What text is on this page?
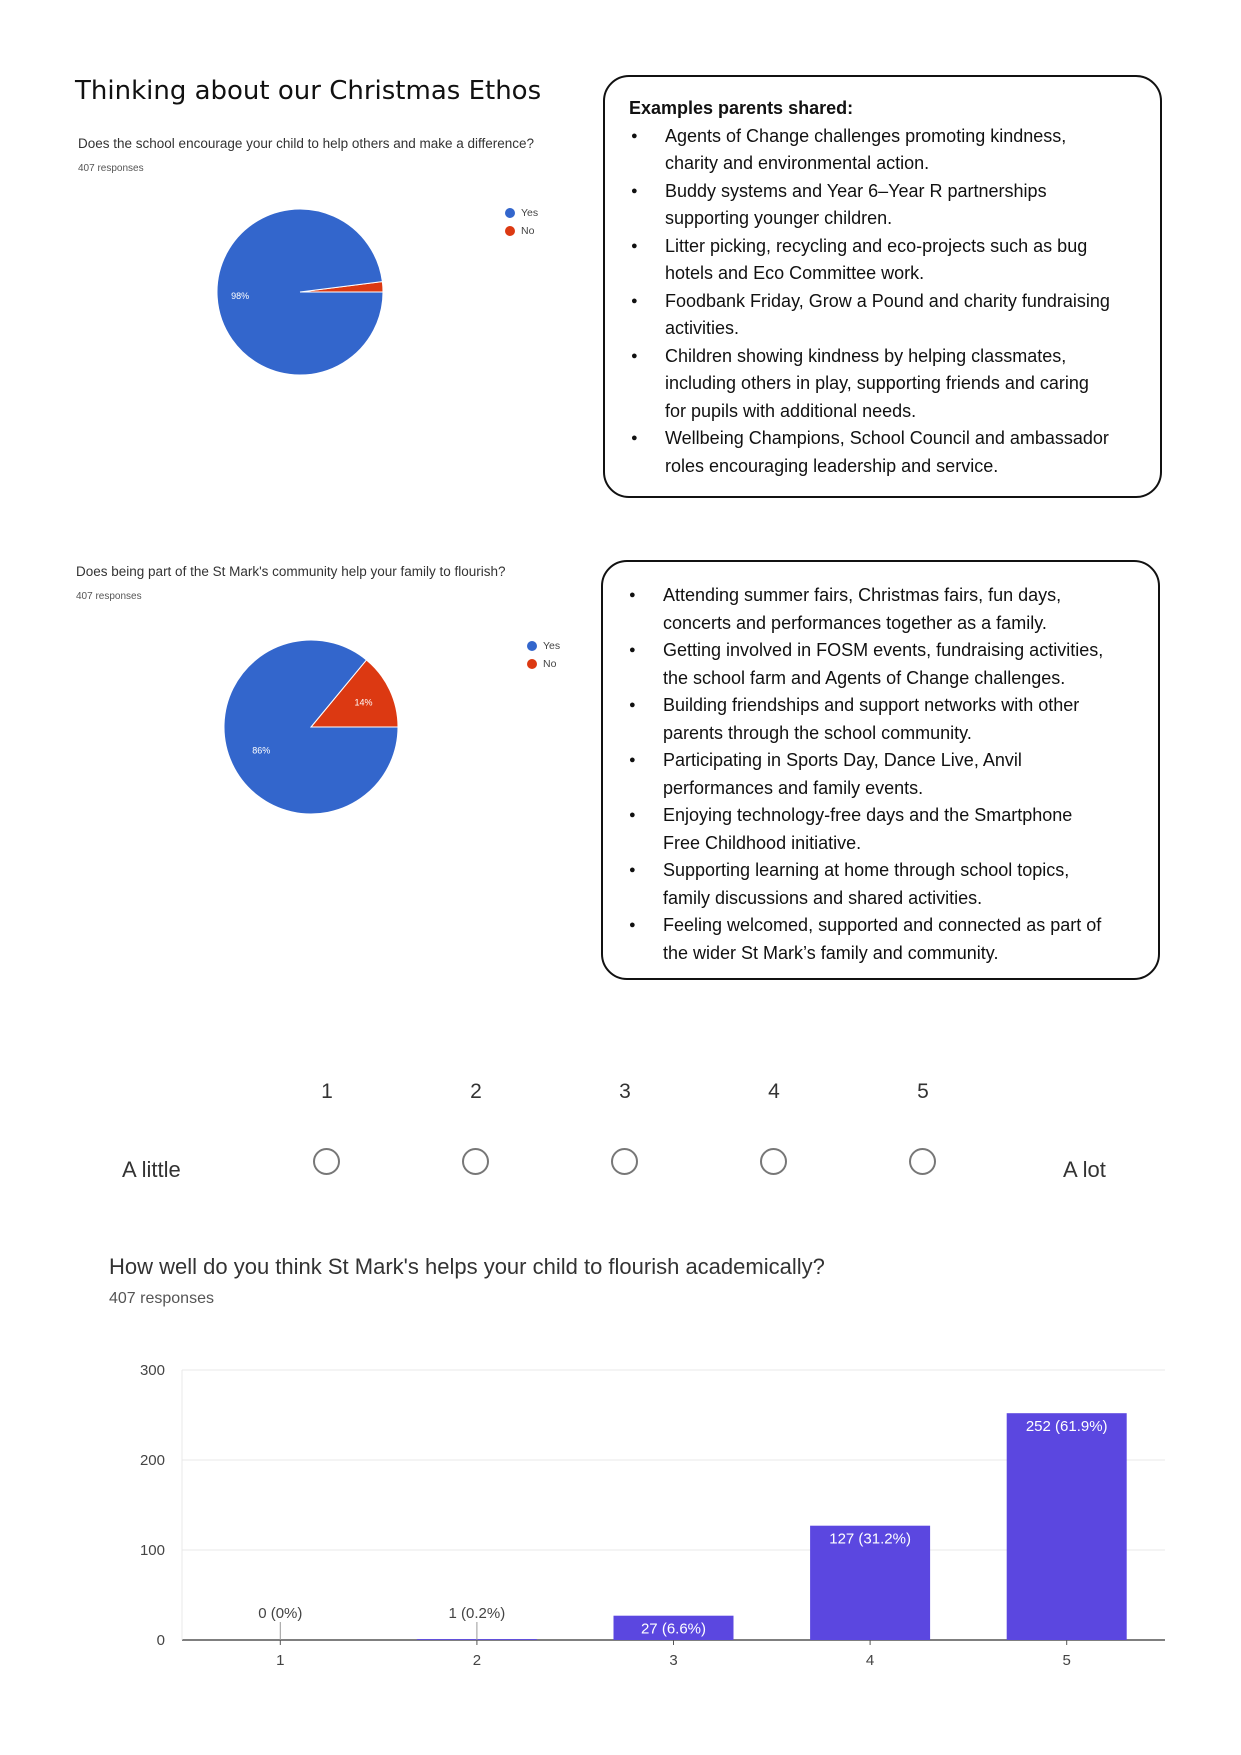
Thinking about our Christmas Ethos
Does the school encourage your child to help others and make a difference?
407 responses
98%
Yes
No
Examples parents shared:
● Agents of Change challenges promoting kindness,
charity and environmental action.
● Buddy systems and Year 6–Year R partnerships
supporting younger children.
● Litter picking, recycling and eco-projects such as bug
hotels and Eco Committee work.
● Foodbank Friday, Grow a Pound and charity fundraising
activities.
● Children showing kindness by helping classmates,
including others in play, supporting friends and caring
for pupils with additional needs.
● Wellbeing Champions, School Council and ambassador
roles encouraging leadership and service.
Does being part of the St Mark's community help your family to flourish?
407 responses
14%
86%
Yes
No
● Attending summer fairs, Christmas fairs, fun days,
concerts and performances together as a family.
● Getting involved in FOSM events, fundraising activities,
the school farm and Agents of Change challenges.
● Building friendships and support networks with other
parents through the school community.
● Participating in Sports Day, Dance Live, Anvil
performances and family events.
● Enjoying technology-free days and the Smartphone
Free Childhood initiative.
● Supporting learning at home through school topics,
family discussions and shared activities.
● Feeling welcomed, supported and connected as part of
the wider St Mark’s family and community.
1	2	3	4	5
A little	A lot
How well do you think St Mark's helps your child to flourish academically?
407 responses
0
100
200
300
1
0 (0%)
2
1 (0.2%)
3
27 (6.6%)
4
127 (31.2%)
5
252 (61.9%)
